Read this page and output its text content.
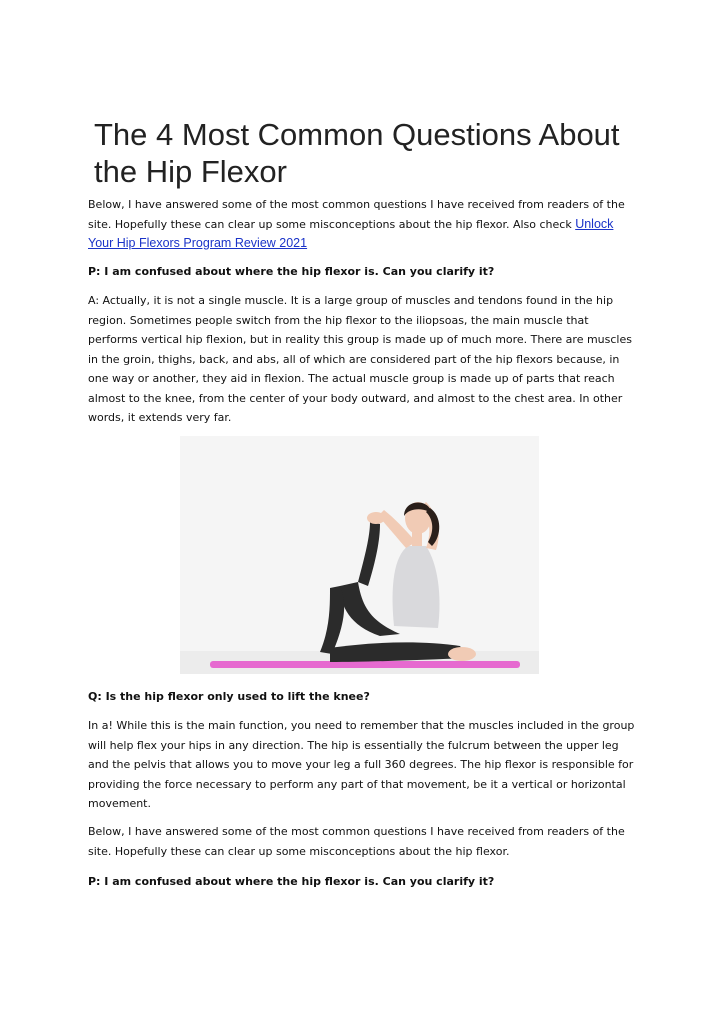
The 4 Most Common Questions About the Hip Flexor

Below, I have answered some of the most common questions I have received from readers of the site. Hopefully these can clear up some misconceptions about the hip flexor. Also check Unlock Your Hip Flexors Program Review 2021

P: I am confused about where the hip flexor is. Can you clarify it?

A: Actually, it is not a single muscle. It is a large group of muscles and tendons found in the hip region. Sometimes people switch from the hip flexor to the iliopsoas, the main muscle that performs vertical hip flexion, but in reality this group is made up of much more. There are muscles in the groin, thighs, back, and abs, all of which are considered part of the hip flexors because, in one way or another, they aid in flexion. The actual muscle group is made up of parts that reach almost to the knee, from the center of your body outward, and almost to the chest area. In other words, it extends very far.

Q: Is the hip flexor only used to lift the knee?

In a! While this is the main function, you need to remember that the muscles included in the group will help flex your hips in any direction. The hip is essentially the fulcrum between the upper leg and the pelvis that allows you to move your leg a full 360 degrees. The hip flexor is responsible for providing the force necessary to perform any part of that movement, be it a vertical or horizontal movement.

Below, I have answered some of the most common questions I have received from readers of the site. Hopefully these can clear up some misconceptions about the hip flexor.

P: I am confused about where the hip flexor is. Can you clarify it?
